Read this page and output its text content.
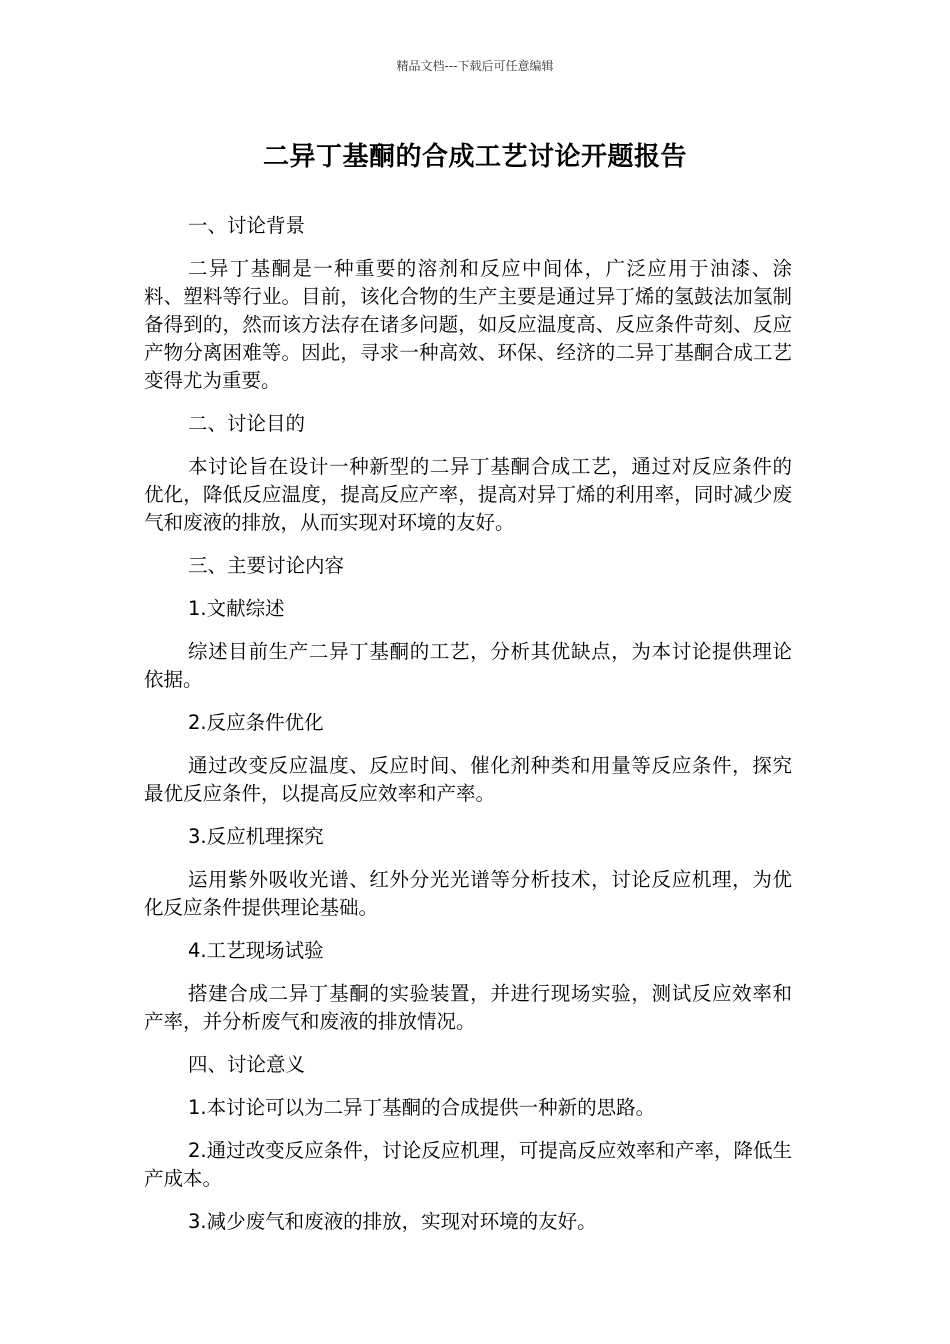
精品文档---下载后可任意编辑
二异丁基酮的合成工艺讨论开题报告

一、讨论背景

二异丁基酮是一种重要的溶剂和反应中间体，广泛应用于油漆、涂料、塑料等行业。目前，该化合物的生产主要是通过异丁烯的氢鼓法加氢制备得到的，然而该方法存在诸多问题，如反应温度高、反应条件苛刻、反应产物分离困难等。因此，寻求一种高效、环保、经济的二异丁基酮合成工艺变得尤为重要。

二、讨论目的

本讨论旨在设计一种新型的二异丁基酮合成工艺，通过对反应条件的优化，降低反应温度，提高反应产率，提高对异丁烯的利用率，同时减少废气和废液的排放，从而实现对环境的友好。

三、主要讨论内容

1.文献综述

综述目前生产二异丁基酮的工艺，分析其优缺点，为本讨论提供理论依据。

2.反应条件优化

通过改变反应温度、反应时间、催化剂种类和用量等反应条件，探究最优反应条件，以提高反应效率和产率。

3.反应机理探究

运用紫外吸收光谱、红外分光光谱等分析技术，讨论反应机理，为优化反应条件提供理论基础。

4.工艺现场试验

搭建合成二异丁基酮的实验装置，并进行现场实验，测试反应效率和产率，并分析废气和废液的排放情况。

四、讨论意义

1.本讨论可以为二异丁基酮的合成提供一种新的思路。

2.通过改变反应条件，讨论反应机理，可提高反应效率和产率，降低生产成本。

3.减少废气和废液的排放，实现对环境的友好。
